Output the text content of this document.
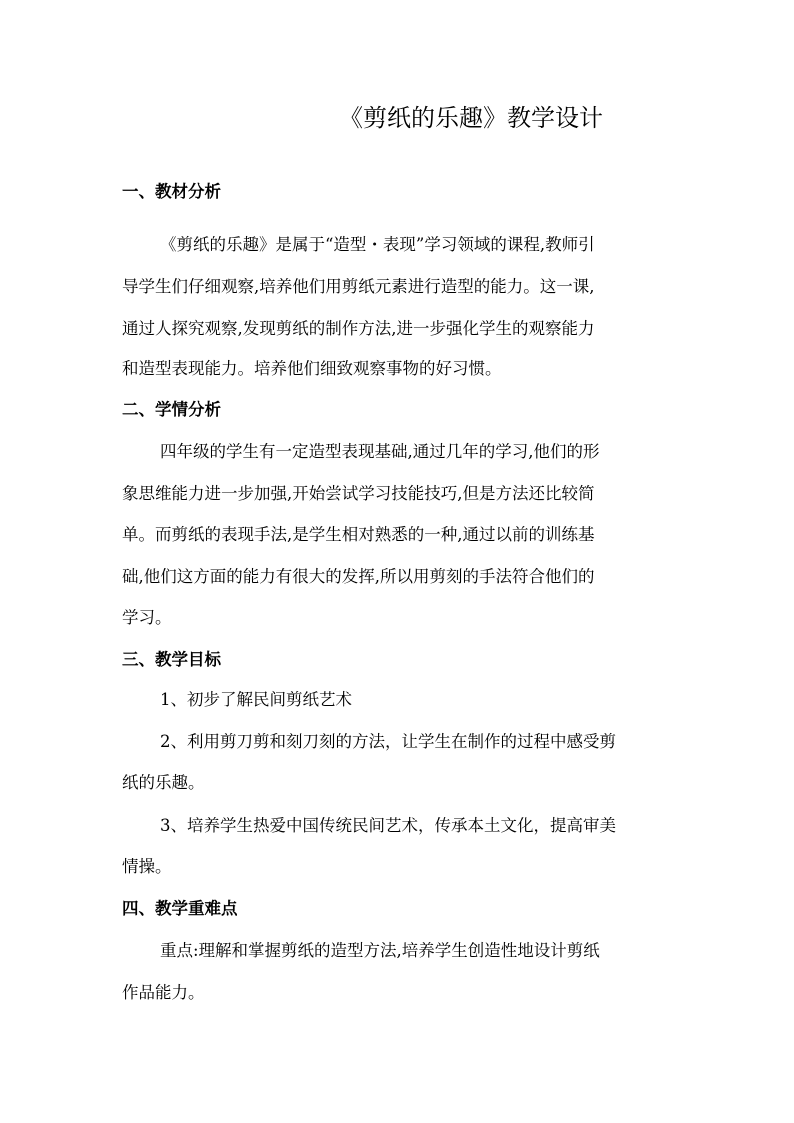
《剪纸的乐趣》教学设计
一、教材分析
《剪纸的乐趣》是属于“造型・表现”学习领域的课程,教师引
导学生们仔细观察,培养他们用剪纸元素进行造型的能力。这一课,
通过人探究观察,发现剪纸的制作方法,进一步强化学生的观察能力
和造型表现能力。培养他们细致观察事物的好习惯。
二、学情分析
四年级的学生有一定造型表现基础,通过几年的学习,他们的形
象思维能力进一步加强,开始尝试学习技能技巧,但是方法还比较简
单。而剪纸的表现手法,是学生相对熟悉的一种,通过以前的训练基
础,他们这方面的能力有很大的发挥,所以用剪刻的手法符合他们的
学习。
三、教学目标
1、初步了解民间剪纸艺术
2、利用剪刀剪和刻刀刻的方法，让学生在制作的过程中感受剪
纸的乐趣。
3、培养学生热爱中国传统民间艺术，传承本土文化，提高审美
情操。
四、教学重难点
重点:理解和掌握剪纸的造型方法,培养学生创造性地设计剪纸
作品能力。
